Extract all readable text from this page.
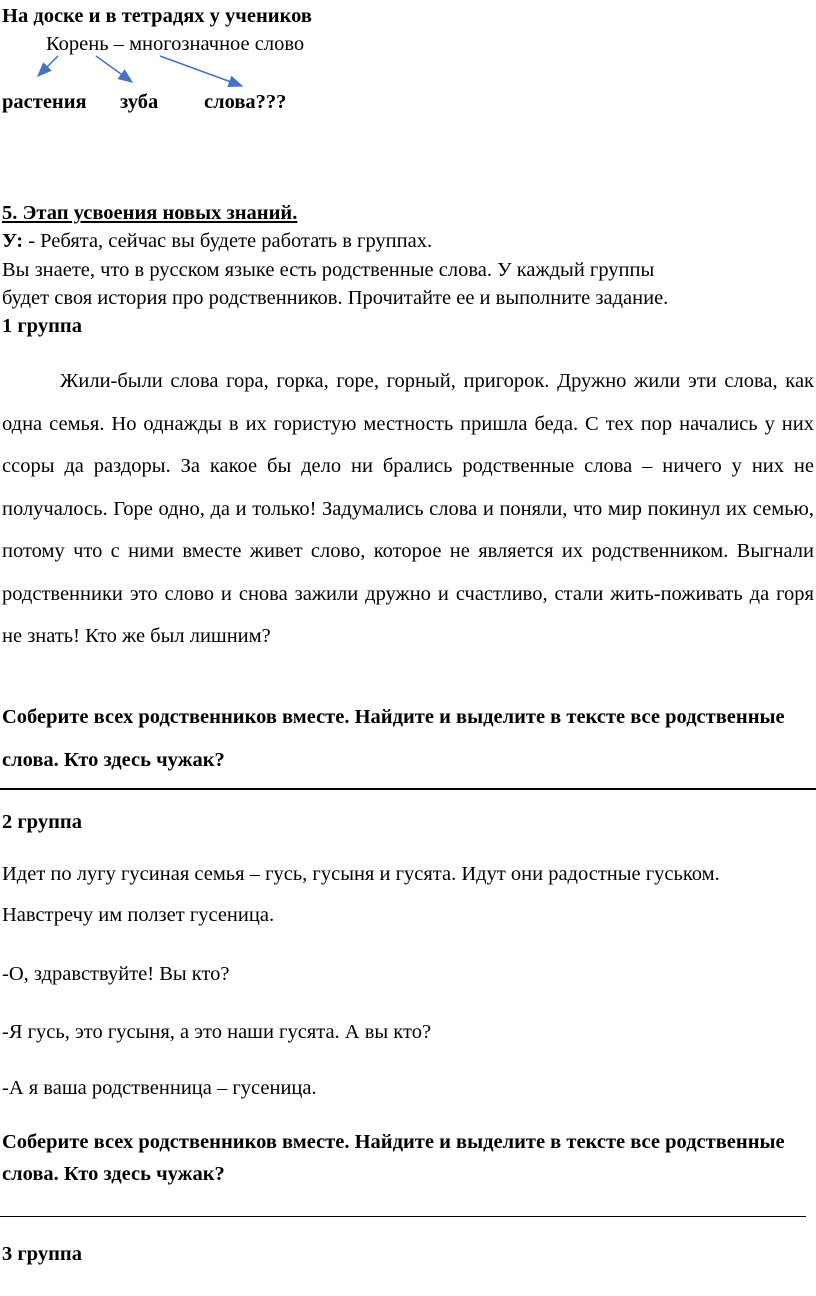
На доске и в тетрадях у учеников

Корень – многозначное слово

растения зуба слова???

5. Этап усвоения новых знаний.

У: - Ребята, сейчас вы будете работать в группах.

Вы знаете, что в русском языке есть родственные слова. У каждый группы

будет своя история про родственников. Прочитайте ее и выполните задание.

1 группа

Жили-были слова гора, горка, горе, горный, пригорок. Дружно жили эти слова, как одна семья. Но однажды в их гористую местность пришла беда. С тех пор начались у них ссоры да раздоры. За какое бы дело ни брались родственные слова – ничего у них не получалось. Горе одно, да и только! Задумались слова и поняли, что мир покинул их семью, потому что с ними вместе живет слово, которое не является их родственником. Выгнали родственники это слово и снова зажили дружно и счастливо, стали жить-поживать да горя не знать! Кто же был лишним?

Соберите всех родственников вместе. Найдите и выделите в тексте все родственные слова. Кто здесь чужак?

2 группа

Идет по лугу гусиная семья – гусь, гусыня и гусята. Идут они радостные гуськом. Навстречу им ползет гусеница.

-О, здравствуйте! Вы кто?

-Я гусь, это гусыня, а это наши гусята. А вы кто?

-А я ваша родственница – гусеница.

Соберите всех родственников вместе. Найдите и выделите в тексте все родственные слова. Кто здесь чужак?

3 группа
